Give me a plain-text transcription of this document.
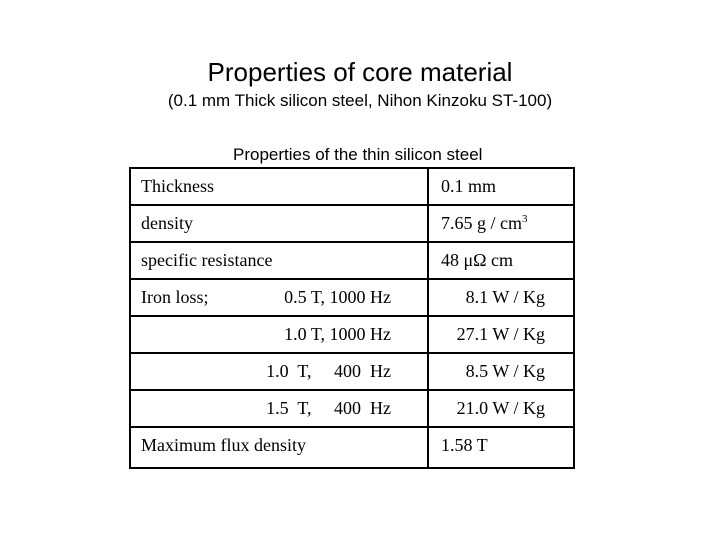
Properties of core material
(0.1 mm Thick silicon steel, Nihon Kinzoku ST-100)
Properties of the thin silicon steel
Thickness	0.1 mm
density	7.65 g / $cm^3$
specific resistance	48 μΩ cm
Iron loss;	0.5 T, 1000 Hz	8.1 W / Kg
1.0 T, 1000 Hz	27.1 W / Kg
1.0  T,     400  Hz	8.5 W / Kg
1.5  T,     400  Hz	21.0 W / Kg
Maximum flux density	1.58 T
